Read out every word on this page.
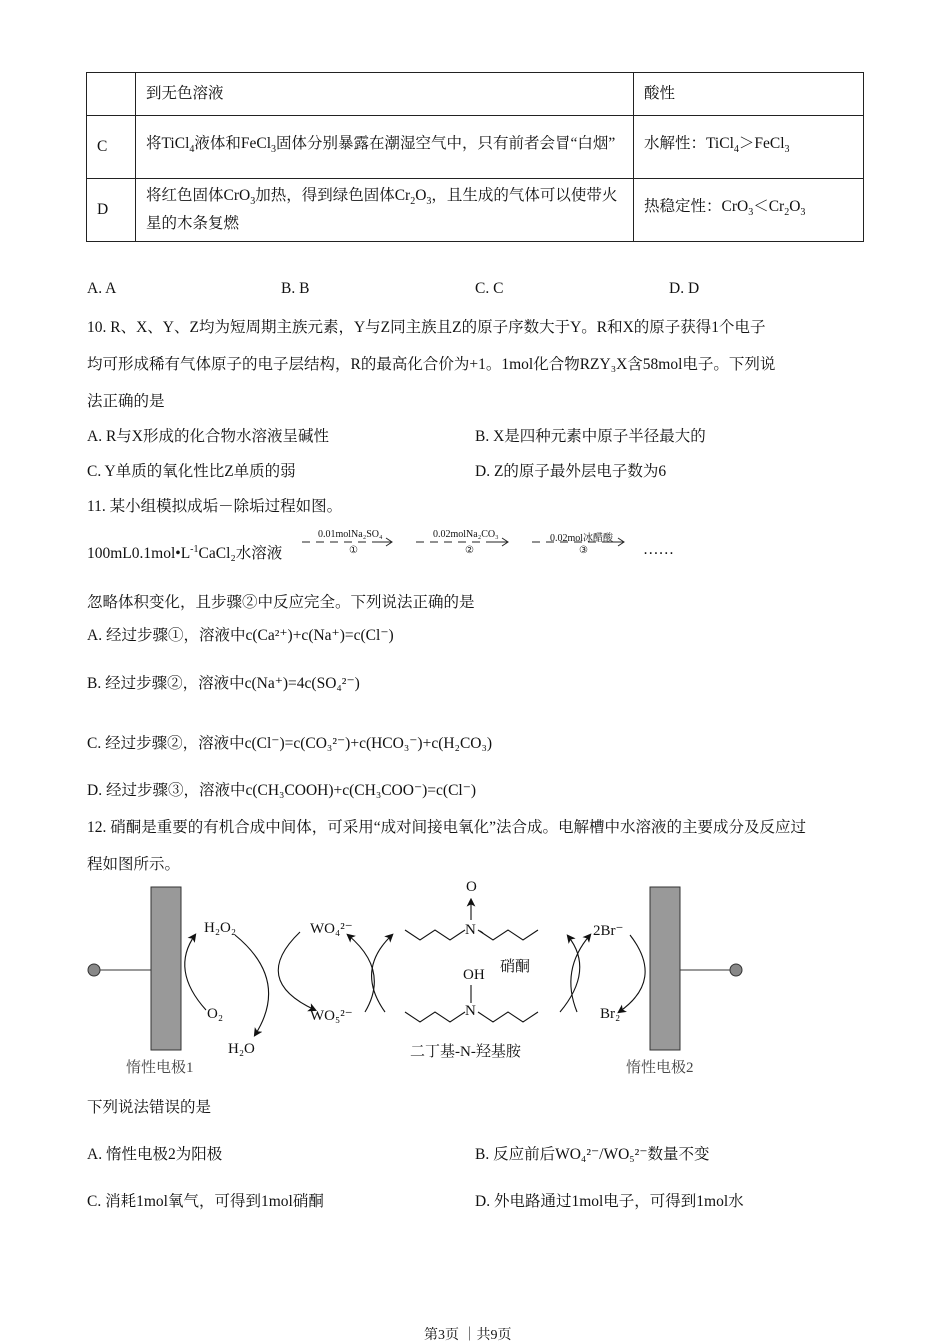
	到无色溶液	酸性
C	将TiCl$_4$液体和FeCl$_3$固体分别暴露在潮湿空气中，只有前者会冒“白烟”	水解性：TiCl$_4$＞FeCl$_3$
D	将红色固体CrO$_3$加热，得到绿色固体$Cr_2O_3$，且生成的气体可以使带火星的木条复燃	热稳定性：$CrO_3<Cr_2O_3$
A. A	B. B	C. C	D. D
10. R、X、Y、Z均为短周期主族元素，Y与Z同主族且Z的原子序数大于Y。R和X的原子获得1个电子
均可形成稀有气体原子的电子层结构，R的最高化合价为+1。1mol化合物RZY₃X含58mol电子。下列说
法正确的是
A. R与X形成的化合物水溶液呈碱性	B. X是四种元素中原子半径最大的
C. Y单质的氧化性比Z单质的弱	D. Z的原子最外层电子数为6
11. 某小组模拟成垢－除垢过程如图。
$100mL0.1mol•L^{-1}CaCl_2$水溶液
0.01molNa₂SO₄
①
0.02molNa₂CO₃
②
0.02mol冰醋酸
③	……
忽略体积变化，且步骤②中反应完全。下列说法正确的是
A. 经过步骤①，溶液中c(Ca²⁺)+c(Na⁺)=c(Cl⁻)
B. 经过步骤②，溶液中c(Na⁺)=4c(SO₄²⁻)
C. 经过步骤②，溶液中c(Cl⁻)=c(CO₃²⁻)+c(HCO₃⁻)+c(H₂CO₃)
D. 经过步骤③，溶液中c(CH₃COOH)+c(CH₃COO⁻)=c(Cl⁻)
12. 硝酮是重要的有机合成中间体，可采用“成对间接电氧化”法合成。电解槽中水溶液的主要成分及反应过
程如图所示。
H₂O₂
O₂
H₂O
WO₄²⁻
WO₅²⁻
O
N
硝酮
OH
N
二丁基-N-羟基胺
2Br⁻
Br₂
惰性电极1	惰性电极2
下列说法错误的是
A. 惰性电极2为阳极	B. 反应前后WO₄²⁻/WO₅²⁻数量不变
C. 消耗1mol氧气，可得到1mol硝酮	D. 外电路通过1mol电子，可得到1mol水
第3页 ｜共9页
